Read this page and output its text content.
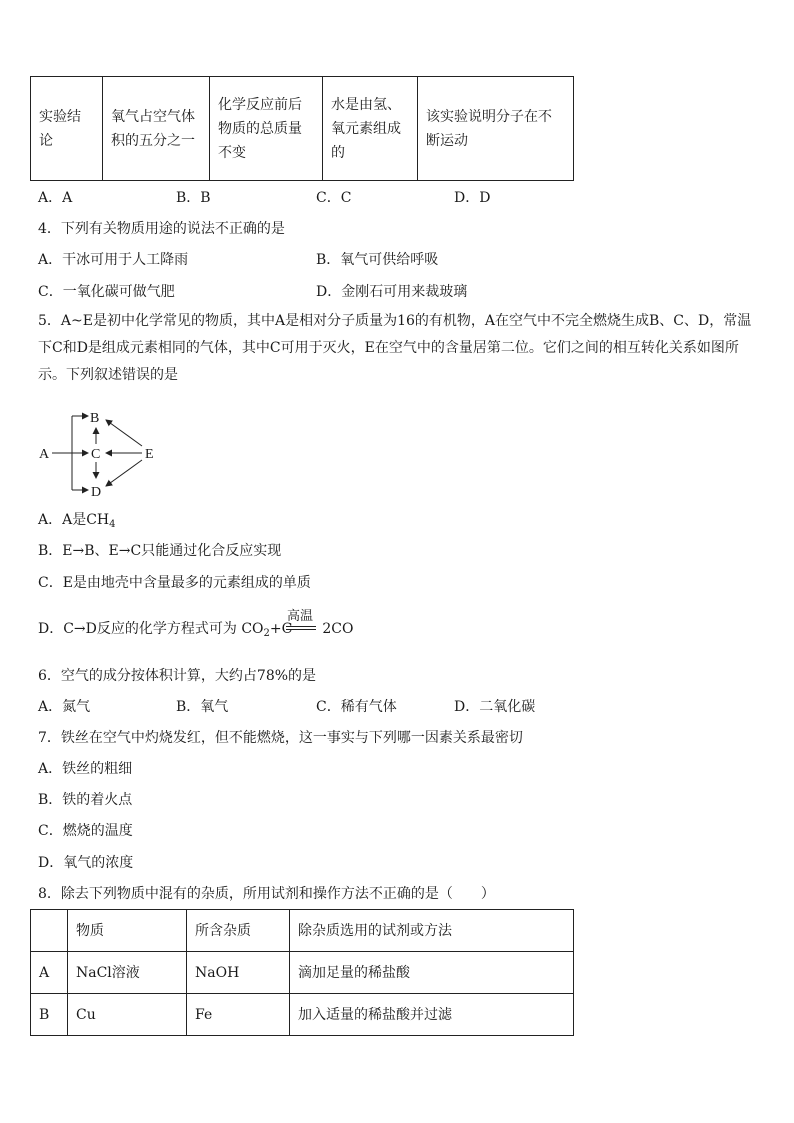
实验结论	氧气占空气体积的五分之一	化学反应前后物质的总质量不变	水是由氢、氧元素组成的	该实验说明分子在不断运动
A．A	B．B	C．C	D．D
4．下列有关物质用途的说法不正确的是
A．干冰可用于人工降雨	B．氧气可供给呼吸
C．一氧化碳可做气肥	D．金刚石可用来裁玻璃
5．A~E是初中化学常见的物质，其中A是相对分子质量为16的有机物，A在空气中不完全燃烧生成B、C、D，常温下C和D是组成元素相同的气体，其中C可用于灭火，E在空气中的含量居第二位。它们之间的相互转化关系如图所示。下列叙述错误的是
A
B
C
D
E
A．A是$CH_4$
B．E→B、E→C只能通过化合反应实现
C．E是由地壳中含量最多的元素组成的单质
D．C→D反应的化学方程式可为 $CO_2+C$ 2CO
高温
6．空气的成分按体积计算，大约占78%的是
A．氮气	B．氧气	C．稀有气体	D．二氧化碳
7．铁丝在空气中灼烧发红，但不能燃烧，这一事实与下列哪一因素关系最密切
A．铁丝的粗细
B．铁的着火点
C．燃烧的温度
D．氧气的浓度
8．除去下列物质中混有的杂质，所用试剂和操作方法不正确的是（　　）
	物质	所含杂质	除杂质选用的试剂或方法
A	NaCl溶液	NaOH	滴加足量的稀盐酸
B	Cu	Fe	加入适量的稀盐酸并过滤
